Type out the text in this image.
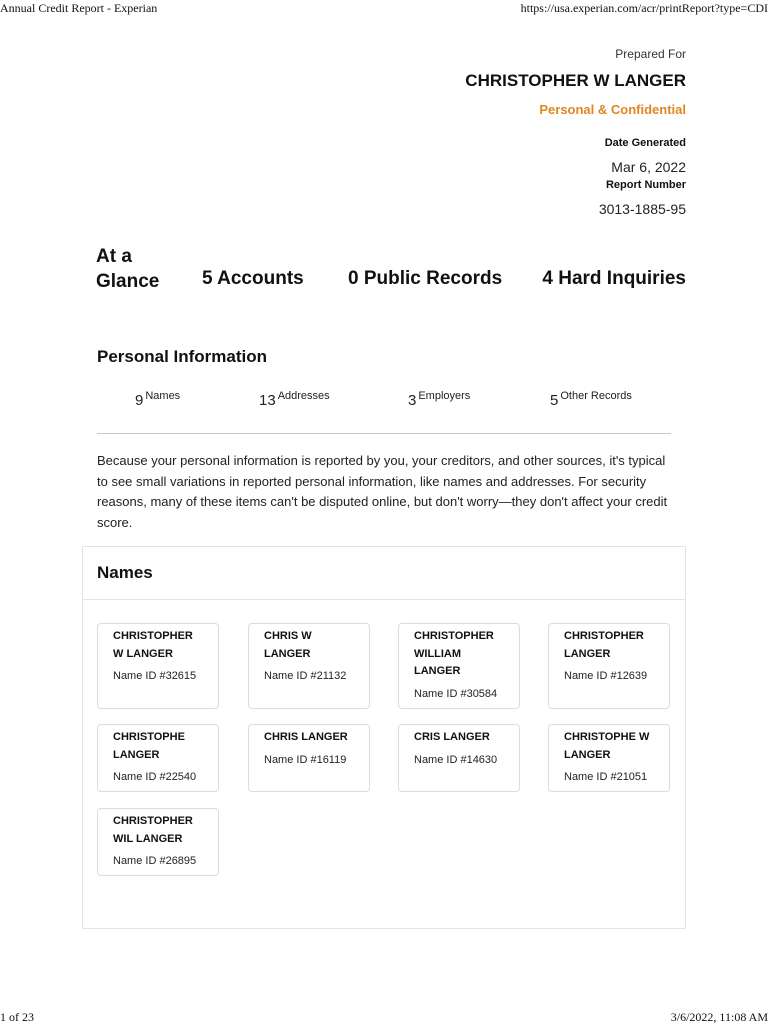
Annual Credit Report - Experian	https://usa.experian.com/acr/printReport?type=CDI
Prepared For
CHRISTOPHER W LANGER
Personal & Confidential
Date Generated
Mar 6, 2022
Report Number
3013-1885-95
At a Glance	5 Accounts 0 Public Records 4 Hard Inquiries
Personal Information
9 Names	13 Addresses	3 Employers	5 Other Records
Because your personal information is reported by you, your creditors, and other sources, it's typical to see small variations in reported personal information, like names and addresses. For security reasons, many of these items can't be disputed online, but don't worry—they don't affect your credit score.
Names
CHRISTOPHER W LANGER
Name ID #32615
CHRIS W LANGER
Name ID #21132
CHRISTOPHER WILLIAM LANGER
Name ID #30584
CHRISTOPHER LANGER
Name ID #12639
CHRISTOPHE LANGER
Name ID #22540
CHRIS LANGER
Name ID #16119
CRIS LANGER
Name ID #14630
CHRISTOPHE W LANGER
Name ID #21051
CHRISTOPHER WIL LANGER
Name ID #26895
1 of 23	3/6/2022, 11:08 AM
